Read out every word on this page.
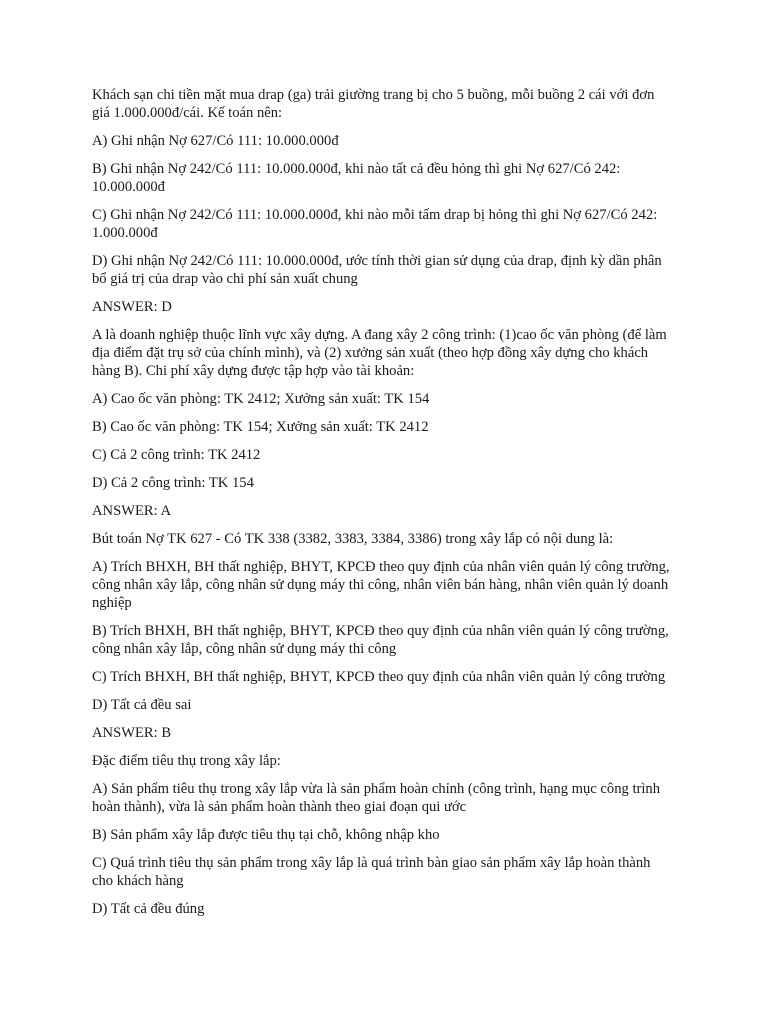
Khách sạn chi tiền mặt mua drap (ga) trải giường trang bị cho 5 buồng, mỗi buồng 2 cái với đơn giá 1.000.000đ/cái. Kế toán nên:

A) Ghi nhận Nợ 627/Có 111: 10.000.000đ

B) Ghi nhận Nợ 242/Có 111: 10.000.000đ, khi nào tất cả đều hỏng thì ghi Nợ 627/Có 242: 10.000.000đ

C) Ghi nhận Nợ 242/Có 111: 10.000.000đ, khi nào mỗi tấm drap bị hỏng thì ghi Nợ 627/Có 242: 1.000.000đ

D) Ghi nhận Nợ 242/Có 111: 10.000.000đ, ước tính thời gian sử dụng của drap, định kỳ dần phân bổ giá trị của drap vào chi phí sản xuất chung

ANSWER: D

A là doanh nghiệp thuộc lĩnh vực xây dựng. A đang xây 2 công trình: (1)cao ốc văn phòng (để làm địa điểm đặt trụ sở của chính mình), và (2) xưởng sản xuất (theo hợp đồng xây dựng cho khách hàng B). Chi phí xây dựng được tập hợp vào tài khoản:

A) Cao ốc văn phòng: TK 2412; Xưởng sản xuất: TK 154

B) Cao ốc văn phòng: TK 154; Xưởng sản xuất: TK 2412

C) Cả 2 công trình: TK 2412

D) Cả 2 công trình: TK 154

ANSWER: A

Bút toán Nợ TK 627 - Có TK 338 (3382, 3383, 3384, 3386) trong xây lắp có nội dung là:

A) Trích BHXH, BH thất nghiệp, BHYT, KPCĐ theo quy định của nhân viên quản lý công trường, công nhân xây lắp, công nhân sử dụng máy thi công, nhân viên bán hàng, nhân viên quản lý doanh nghiệp

B) Trích BHXH, BH thất nghiệp, BHYT, KPCĐ theo quy định của nhân viên quản lý công trường, công nhân xây lắp, công nhân sử dụng máy thi công

C) Trích BHXH, BH thất nghiệp, BHYT, KPCĐ theo quy định của nhân viên quản lý công trường

D) Tất cả đều sai

ANSWER: B

Đặc điểm tiêu thụ trong xây lắp:

A) Sản phẩm tiêu thụ trong xây lắp vừa là sản phẩm hoàn chỉnh (công trình, hạng mục công trình hoàn thành), vừa là sản phẩm hoàn thành theo giai đoạn qui ước

B) Sản phẩm xây lắp được tiêu thụ tại chỗ, không nhập kho

C) Quá trình tiêu thụ sản phẩm trong xây lắp là quá trình bàn giao sản phẩm xây lắp hoàn thành cho khách hàng

D) Tất cả đều đúng
